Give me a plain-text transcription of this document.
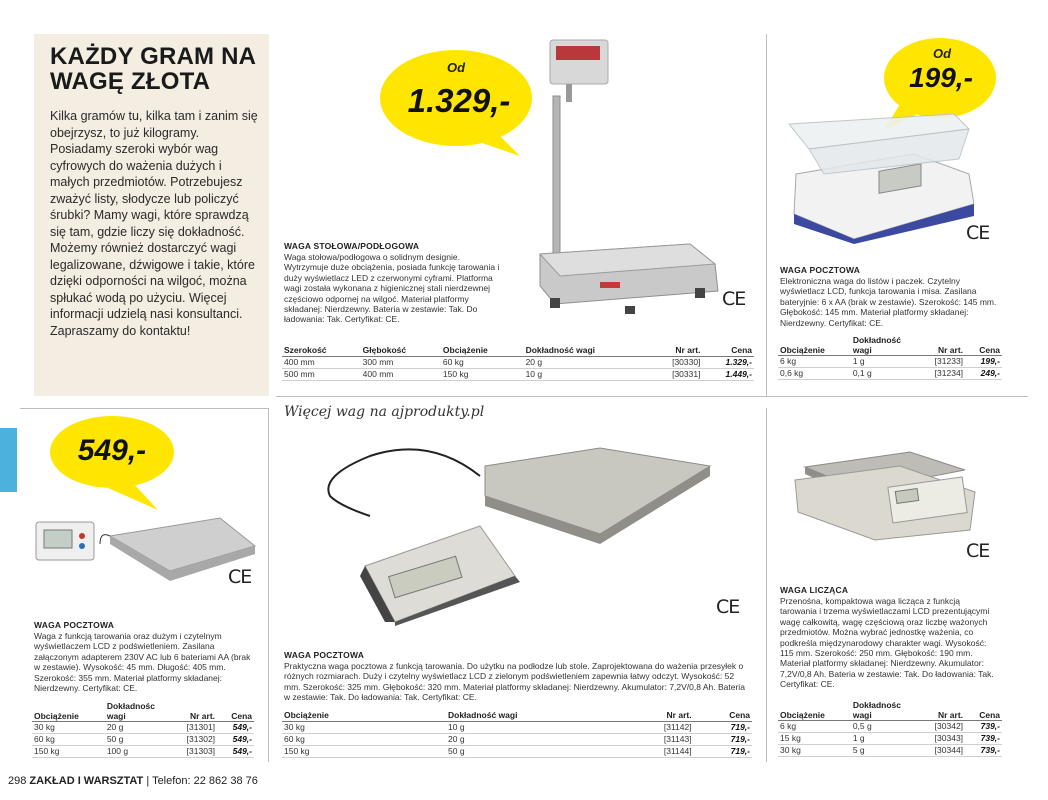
KAŻDY GRAM NA WAGĘ ZŁOTA

Kilka gramów tu, kilka tam i zanim się obejrzysz, to już kilogramy. Posiadamy szeroki wybór wag cyfrowych do ważenia dużych i małych przedmiotów. Potrzebujesz zważyć listy, słodycze lub policzyć śrubki? Mamy wagi, które sprawdzą się tam, gdzie liczy się dokładność. Możemy również dostarczyć wagi legalizowane, dźwigowe i takie, które dzięki odporności na wilgoć, można spłukać wodą po użyciu. Więcej informacji udzielą nasi konsultanci. Zapraszamy do kontaktu!

Od
1.329,-
CE
WAGA STOŁOWA/PODŁOGOWA

Waga stołowa/podłogowa o solidnym designie. Wytrzymuje duże obciążenia, posiada funkcję tarowania i duży wyświetlacz LED z czerwonymi cyframi. Platforma wagi została wykonana z higienicznej stali nierdzewnej częściowo odpornej na wilgoć. Materiał platformy składanej: Nierdzewny. Bateria w zestawie: Tak. Do ładowania: Tak. Certyfikat: CE.

Szerokość	Głębokość	Obciążenie	Dokładność wagi	Nr art.	Cena
400 mm	300 mm	60 kg	20 g	[30330]	1.329,-
500 mm	400 mm	150 kg	10 g	[30331]	1.449,-
Od
199,-
CE
WAGA POCZTOWA

Elektroniczna waga do listów i paczek. Czytelny wyświetlacz LCD, funkcja tarowania i misa. Zasilana bateryjnie: 6 x AA (brak w zestawie). Szerokość: 145 mm. Głębokość: 145 mm. Materiał platformy składanej: Nierdzewny. Certyfikat: CE.

Obciążenie	Dokładność wagi	Nr art.	Cena
6 kg	1 g	[31233]	199,-
0,6 kg	0,1 g	[31234]	249,-
549,-
CE
WAGA POCZTOWA

Waga z funkcją tarowania oraz dużym i czytelnym wyświetlaczem LCD z podświetleniem. Zasilana załączonym adapterem 230V AC lub 6 bateriami AA (brak w zestawie). Wysokość: 45 mm. Długość: 405 mm. Szerokość: 355 mm. Materiał platformy składanej: Nierdzewny. Certyfikat: CE.

Obciążenie	Dokładnośc wagi	Nr art.	Cena
30 kg	20 g	[31301]	549,-
60 kg	50 g	[31302]	549,-
150 kg	100 g	[31303]	549,-
Więcej wag na ajprodukty.pl
CE
WAGA POCZTOWA

Praktyczna waga pocztowa z funkcją tarowania. Do użytku na podłodze lub stole. Zaprojektowana do ważenia przesyłek o różnych rozmiarach. Duży i czytelny wyświetlacz LCD z zielonym podświetleniem zapewnia łatwy odczyt. Wysokość: 52 mm. Szerokość: 325 mm. Głębokość: 320 mm. Materiał platformy składanej: Nierdzewny. Akumulator: 7,2V/0,8 Ah. Bateria w zestawie: Tak. Do ładowania: Tak. Certyfikat: CE.

Obciążenie	Dokładność wagi	Nr art.	Cena
30 kg	10 g	[31142]	719,-
60 kg	20 g	[31143]	719,-
150 kg	50 g	[31144]	719,-
CE
WAGA LICZĄCA

Przenośna, kompaktowa waga licząca z funkcją tarowania i trzema wyświetlaczami LCD prezentującymi wagę całkowitą, wagę częściową oraz liczbę ważonych przedmiotów. Można wybrać jednostkę ważenia, co podkreśla międzynarodowy charakter wagi. Wysokość: 115 mm. Szerokość: 250 mm. Głębokość: 190 mm. Materiał platformy składanej: Nierdzewny. Akumulator: 7,2V/0,8 Ah. Bateria w zestawie: Tak. Do ładowania: Tak. Certyfikat: CE.

Obciążenie	Dokładnośc wagi	Nr art.	Cena
6 kg	0,5 g	[30342]	739,-
15 kg	1 g	[30343]	739,-
30 kg	5 g	[30344]	739,-
298 ZAKŁAD I WARSZTAT | Telefon: 22 862 38 76
